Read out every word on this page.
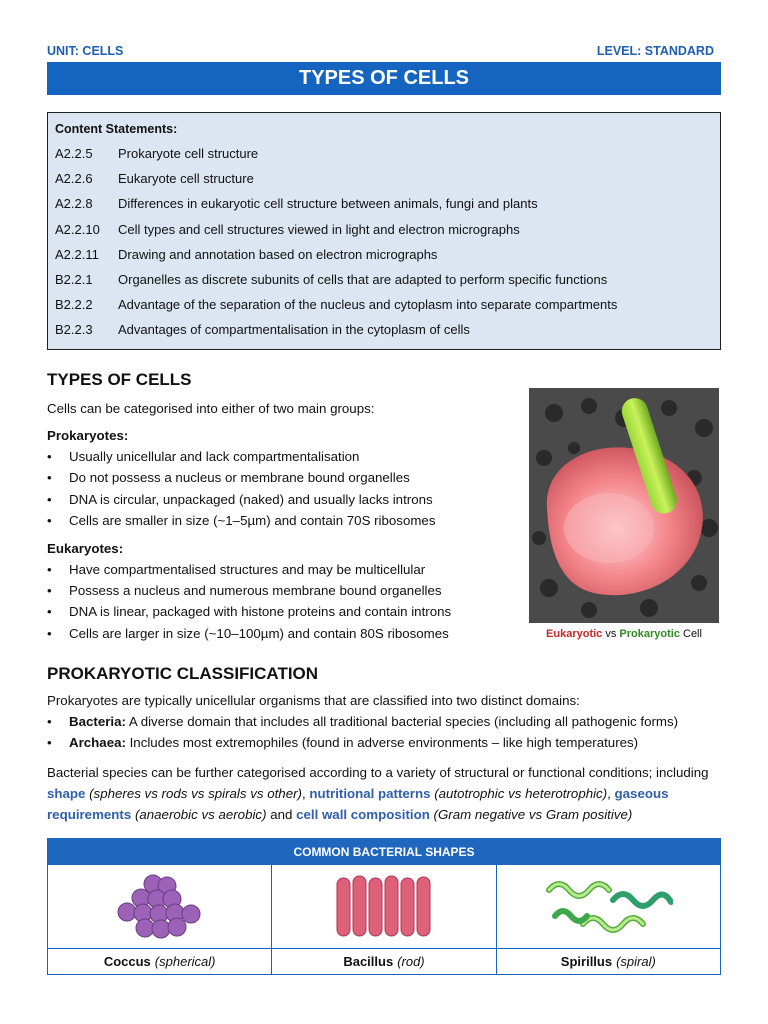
UNIT: CELLS	LEVEL: STANDARD
TYPES OF CELLS
Content Statements:
A2.2.5	Prokaryote cell structure
A2.2.6	Eukaryote cell structure
A2.2.8	Differences in eukaryotic cell structure between animals, fungi and plants
A2.2.10	Cell types and cell structures viewed in light and electron micrographs
A2.2.11	Drawing and annotation based on electron micrographs
B2.2.1	Organelles as discrete subunits of cells that are adapted to perform specific functions
B2.2.2	Advantage of the separation of the nucleus and cytoplasm into separate compartments
B2.2.3	Advantages of compartmentalisation in the cytoplasm of cells
TYPES OF CELLS
Cells can be categorised into either of two main groups:
Prokaryotes:
• Usually unicellular and lack compartmentalisation
• Do not possess a nucleus or membrane bound organelles
• DNA is circular, unpackaged (naked) and usually lacks introns
• Cells are smaller in size (~1–5µm) and contain 70S ribosomes
Eukaryotes:
• Have compartmentalised structures and may be multicellular
• Possess a nucleus and numerous membrane bound organelles
• DNA is linear, packaged with histone proteins and contain introns
• Cells are larger in size (~10–100µm) and contain 80S ribosomes	Eukaryotic vs Prokaryotic Cell
PROKARYOTIC CLASSIFICATION
Prokaryotes are typically unicellular organisms that are classified into two distinct domains:
• Bacteria: A diverse domain that includes all traditional bacterial species (including all pathogenic forms)
• Archaea: Includes most extremophiles (found in adverse environments – like high temperatures)
Bacterial species can be further categorised according to a variety of structural or functional conditions; including shape (spheres vs rods vs spirals vs other), nutritional patterns (autotrophic vs heterotrophic), gaseous requirements (anaerobic vs aerobic) and cell wall composition (Gram negative vs Gram positive)
COMMON BACTERIAL SHAPES
Coccus (spherical)	Bacillus (rod)	Spirillus (spiral)
